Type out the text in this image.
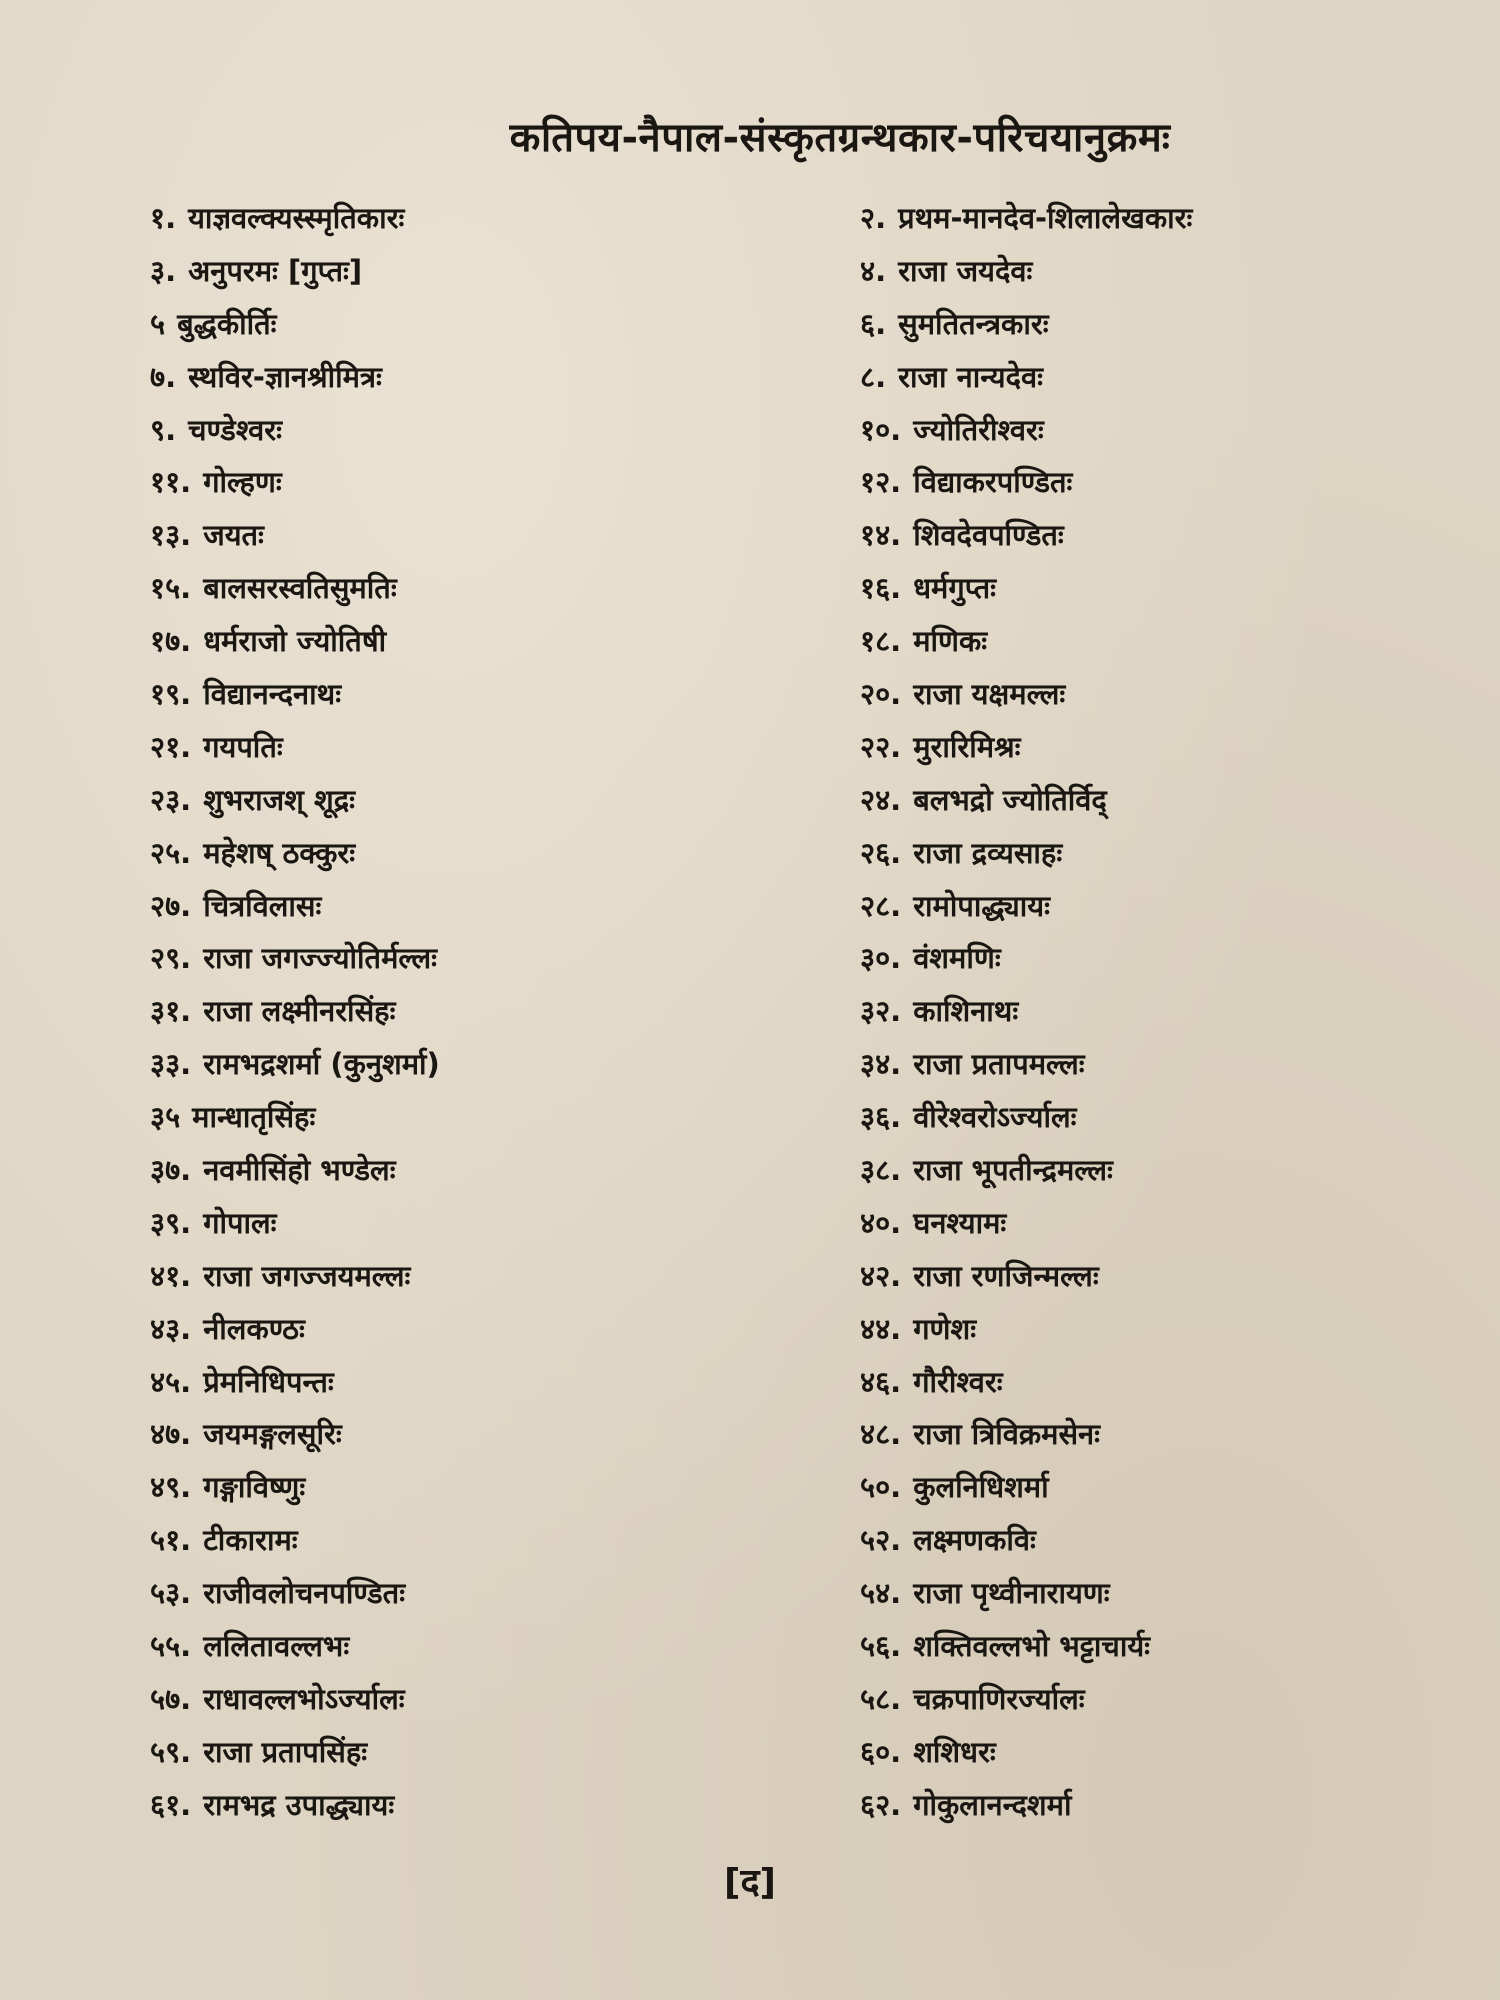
कतिपय-नैपाल-संस्कृतग्रन्थकार-परिचयानुक्रमः
१. याज्ञवल्क्यस्स्मृतिकारः	२. प्रथम-मानदेव-शिलालेखकारः
३. अनुपरमः [गुप्तः]	४. राजा जयदेवः
५ बुद्धकीर्तिः	६. सुमतितन्त्रकारः
७. स्थविर-ज्ञानश्रीमित्रः	८. राजा नान्यदेवः
९. चण्डेश्वरः	१०. ज्योतिरीश्वरः
११. गोल्हणः	१२. विद्याकरपण्डितः
१३. जयतः	१४. शिवदेवपण्डितः
१५. बालसरस्वतिसुमतिः	१६. धर्मगुप्तः
१७. धर्मराजो ज्योतिषी	१८. मणिकः
१९. विद्यानन्दनाथः	२०. राजा यक्षमल्लः
२१. गयपतिः	२२. मुरारिमिश्रः
२३. शुभराजश् शूद्रः	२४. बलभद्रो ज्योतिर्विद्
२५. महेशष् ठक्कुरः	२६. राजा द्रव्यसाहः
२७. चित्रविलासः	२८. रामोपाद्ध्यायः
२९. राजा जगज्ज्योतिर्मल्लः	३०. वंशमणिः
३१. राजा लक्ष्मीनरसिंहः	३२. काशिनाथः
३३. रामभद्रशर्मा (कुनुशर्मा)	३४. राजा प्रतापमल्लः
३५ मान्धातृसिंहः	३६. वीरेश्वरोऽर्ज्यालः
३७. नवमीसिंहो भण्डेलः	३८. राजा भूपतीन्द्रमल्लः
३९. गोपालः	४०. घनश्यामः
४१. राजा जगज्जयमल्लः	४२. राजा रणजिन्मल्लः
४३. नीलकण्ठः	४४. गणेशः
४५. प्रेमनिधिपन्तः	४६. गौरीश्वरः
४७. जयमङ्गलसूरिः	४८. राजा त्रिविक्रमसेनः
४९. गङ्गाविष्णुः	५०. कुलनिधिशर्मा
५१. टीकारामः	५२. लक्ष्मणकविः
५३. राजीवलोचनपण्डितः	५४. राजा पृथ्वीनारायणः
५५. ललितावल्लभः	५६. शक्तिवल्लभो भट्टाचार्यः
५७. राधावल्लभोऽर्ज्यालः	५८. चक्रपाणिरर्ज्यालः
५९. राजा प्रतापसिंहः	६०. शशिधरः
६१. रामभद्र उपाद्ध्यायः	६२. गोकुलानन्दशर्मा
[द]
